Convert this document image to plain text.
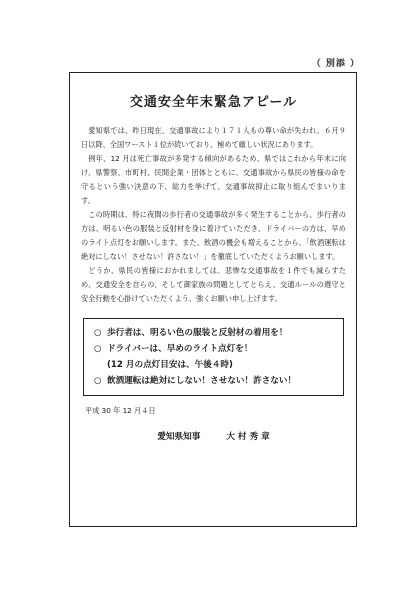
（ 別添 ）
交通安全年末緊急アピール

愛知県では、昨日現在、交通事故により１７１人もの尊い命が失われ、６月９日以降、全国ワースト１位が続いており、極めて厳しい状況にあります。

例年、12 月は死亡事故が多発する傾向があるため、県ではこれから年末に向け、県警察、市町村、民間企業・団体とともに、交通事故から県民の皆様の命を守るという強い決意の下、総力を挙げて、交通事故抑止に取り組んでまいります。

この時期は、特に夜間の歩行者の交通事故が多く発生することから、歩行者の方は、明るい色の服装と反射材を身に着けていただき、ドライバーの方は、早めのライト点灯をお願いします。また、飲酒の機会も増えることから、「飲酒運転は絶対にしない！させない！許さない！」を徹底していただくようお願いします。

どうか、県民の皆様におかれましては、悲惨な交通事故を１件でも減らすため、交通安全を自らの、そして御家族の問題としてとらえ、交通ルールの遵守と安全行動を心掛けていただくよう、強くお願い申し上げます。

○ 歩行者は、明るい色の服装と反射材の着用を！
○ ドライバーは、早めのライト点灯を！
(12 月の点灯目安は、午後４時)
○ 飲酒運転は絶対にしない！させない！許さない！
平成 30 年 12 月４日
愛知県知事	大 村 秀 章
